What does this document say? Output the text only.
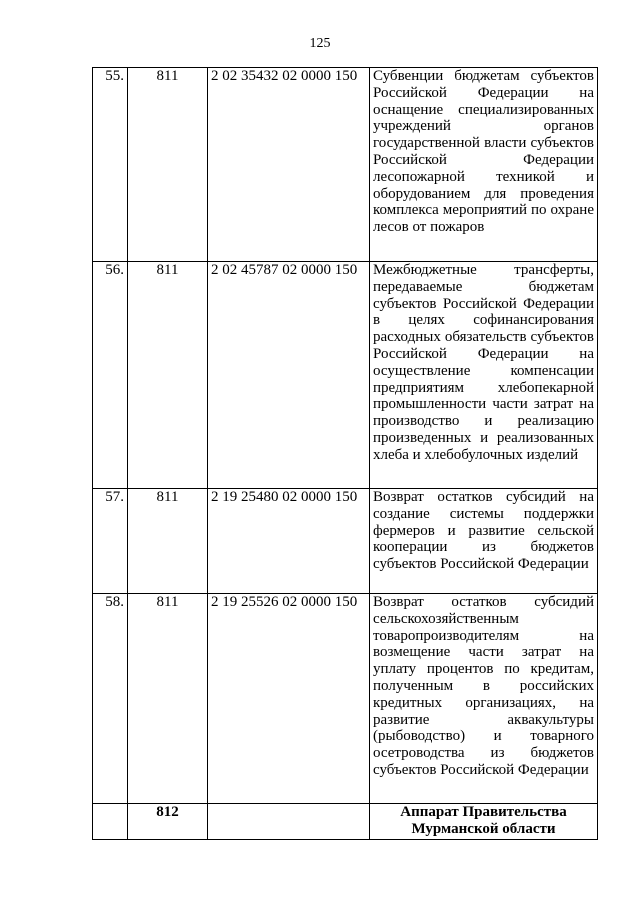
125
55.	811	2 02 35432 02 0000 150	Субвенции бюджетам субъектов Российской Федерации на оснащение специализированных учреждений органов государственной власти субъектов Российской Федерации лесопожарной техникой и оборудованием для проведения комплекса мероприятий по охране лесов от пожаров
56.	811	2 02 45787 02 0000 150	Межбюджетные трансферты, передаваемые бюджетам субъектов Российской Федерации в целях софинансирования расходных обязательств субъектов Российской Федерации на осуществление компенсации предприятиям хлебопекарной промышленности части затрат на производство и реализацию произведенных и реализованных хлеба и хлебобулочных изделий
57.	811	2 19 25480 02 0000 150	Возврат остатков субсидий на создание системы поддержки фермеров и развитие сельской кооперации из бюджетов субъектов Российской Федерации
58.	811	2 19 25526 02 0000 150	Возврат остатков субсидий сельскохозяйственным товаропроизводителям на возмещение части затрат на уплату процентов по кредитам, полученным в российских кредитных организациях, на развитие аквакультуры (рыбоводство) и товарного осетроводства из бюджетов субъектов Российской Федерации
	812		Аппарат Правительства Мурманской области
